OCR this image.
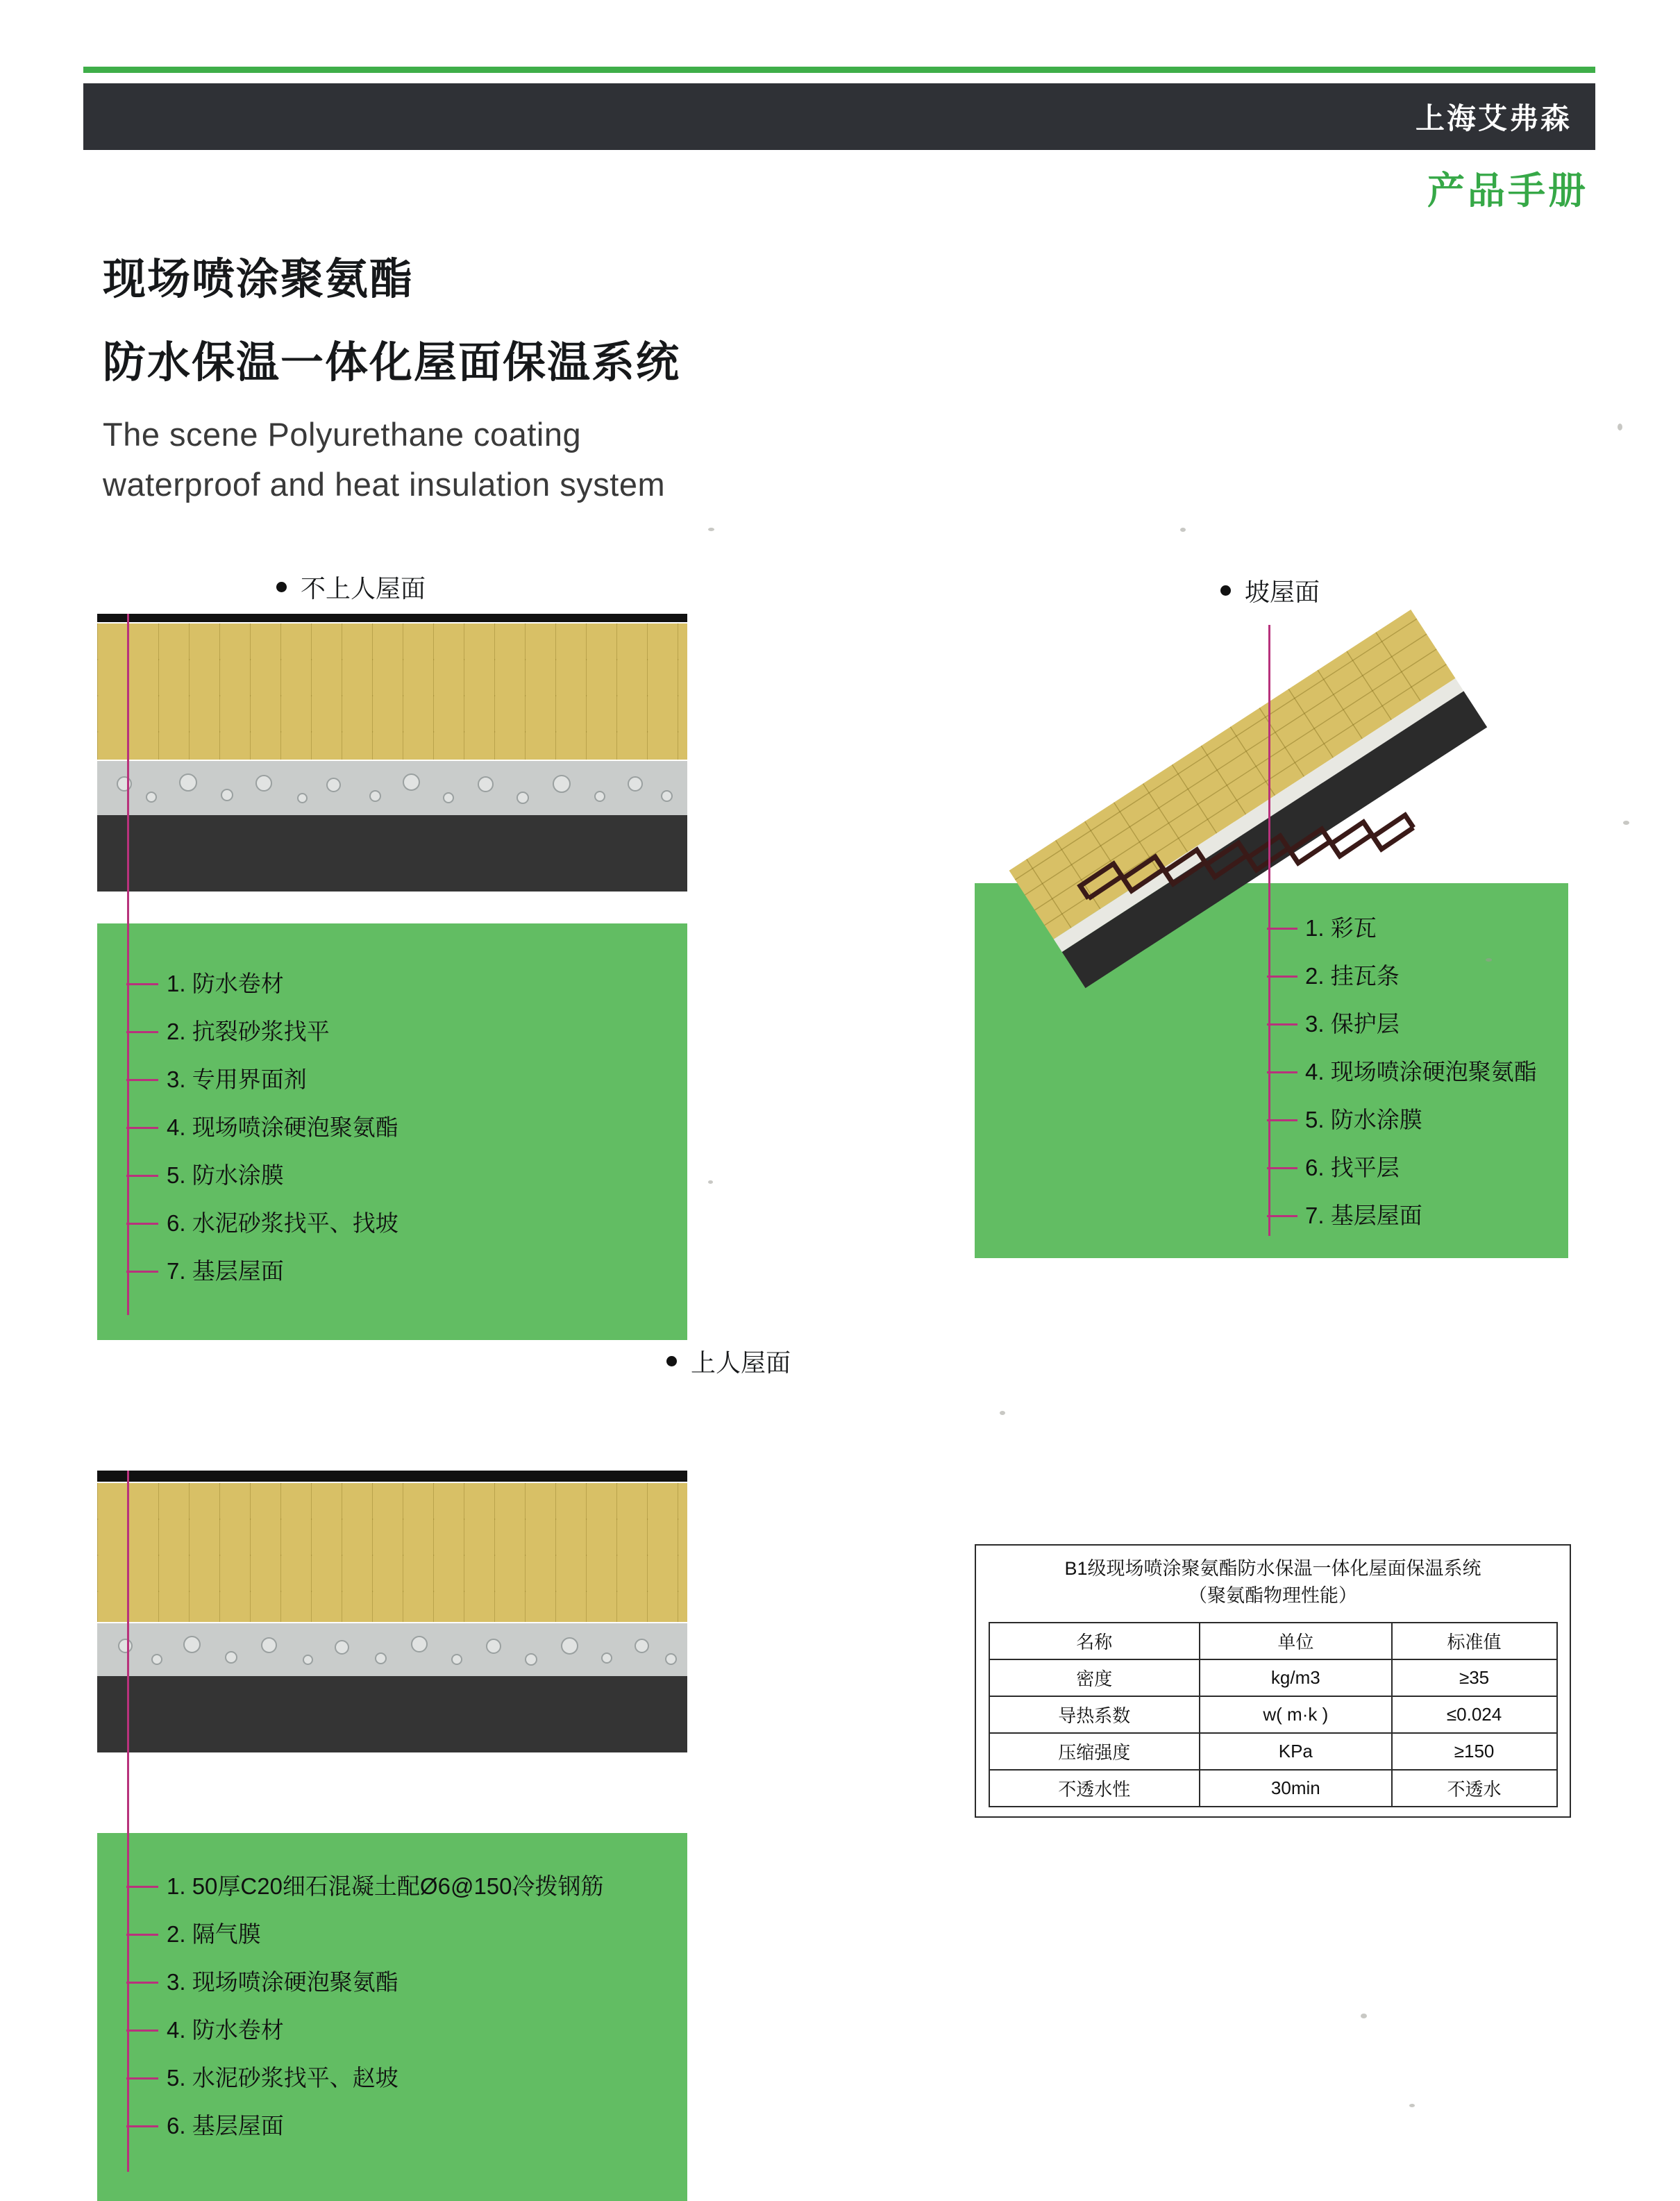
上海艾弗森
产品手册
现场喷涂聚氨酯
防水保温一体化屋面保温系统
The scene Polyurethane coating
waterproof and heat insulation system
不上人屋面
1. 防水卷材
2. 抗裂砂浆找平
3. 专用界面剂
4. 现场喷涂硬泡聚氨酯
5. 防水涂膜
6. 水泥砂浆找平、找坡
7. 基层屋面
坡屋面
1. 彩瓦
2. 挂瓦条
3. 保护层
4. 现场喷涂硬泡聚氨酯
5. 防水涂膜
6. 找平层
7. 基层屋面
上人屋面
1. 50厚C20细石混凝土配Ø6@150冷拨钢筋
2. 隔气膜
3. 现场喷涂硬泡聚氨酯
4. 防水卷材
5. 水泥砂浆找平、赵坡
6. 基层屋面
B1级现场喷涂聚氨酯防水保温一体化屋面保温系统
（聚氨酯物理性能）
名称	单位	标准值
密度	kg/m3	≥35
导热系数	w( m·k )	≤0.024
压缩强度	KPa	≥150
不透水性	30min	不透水
